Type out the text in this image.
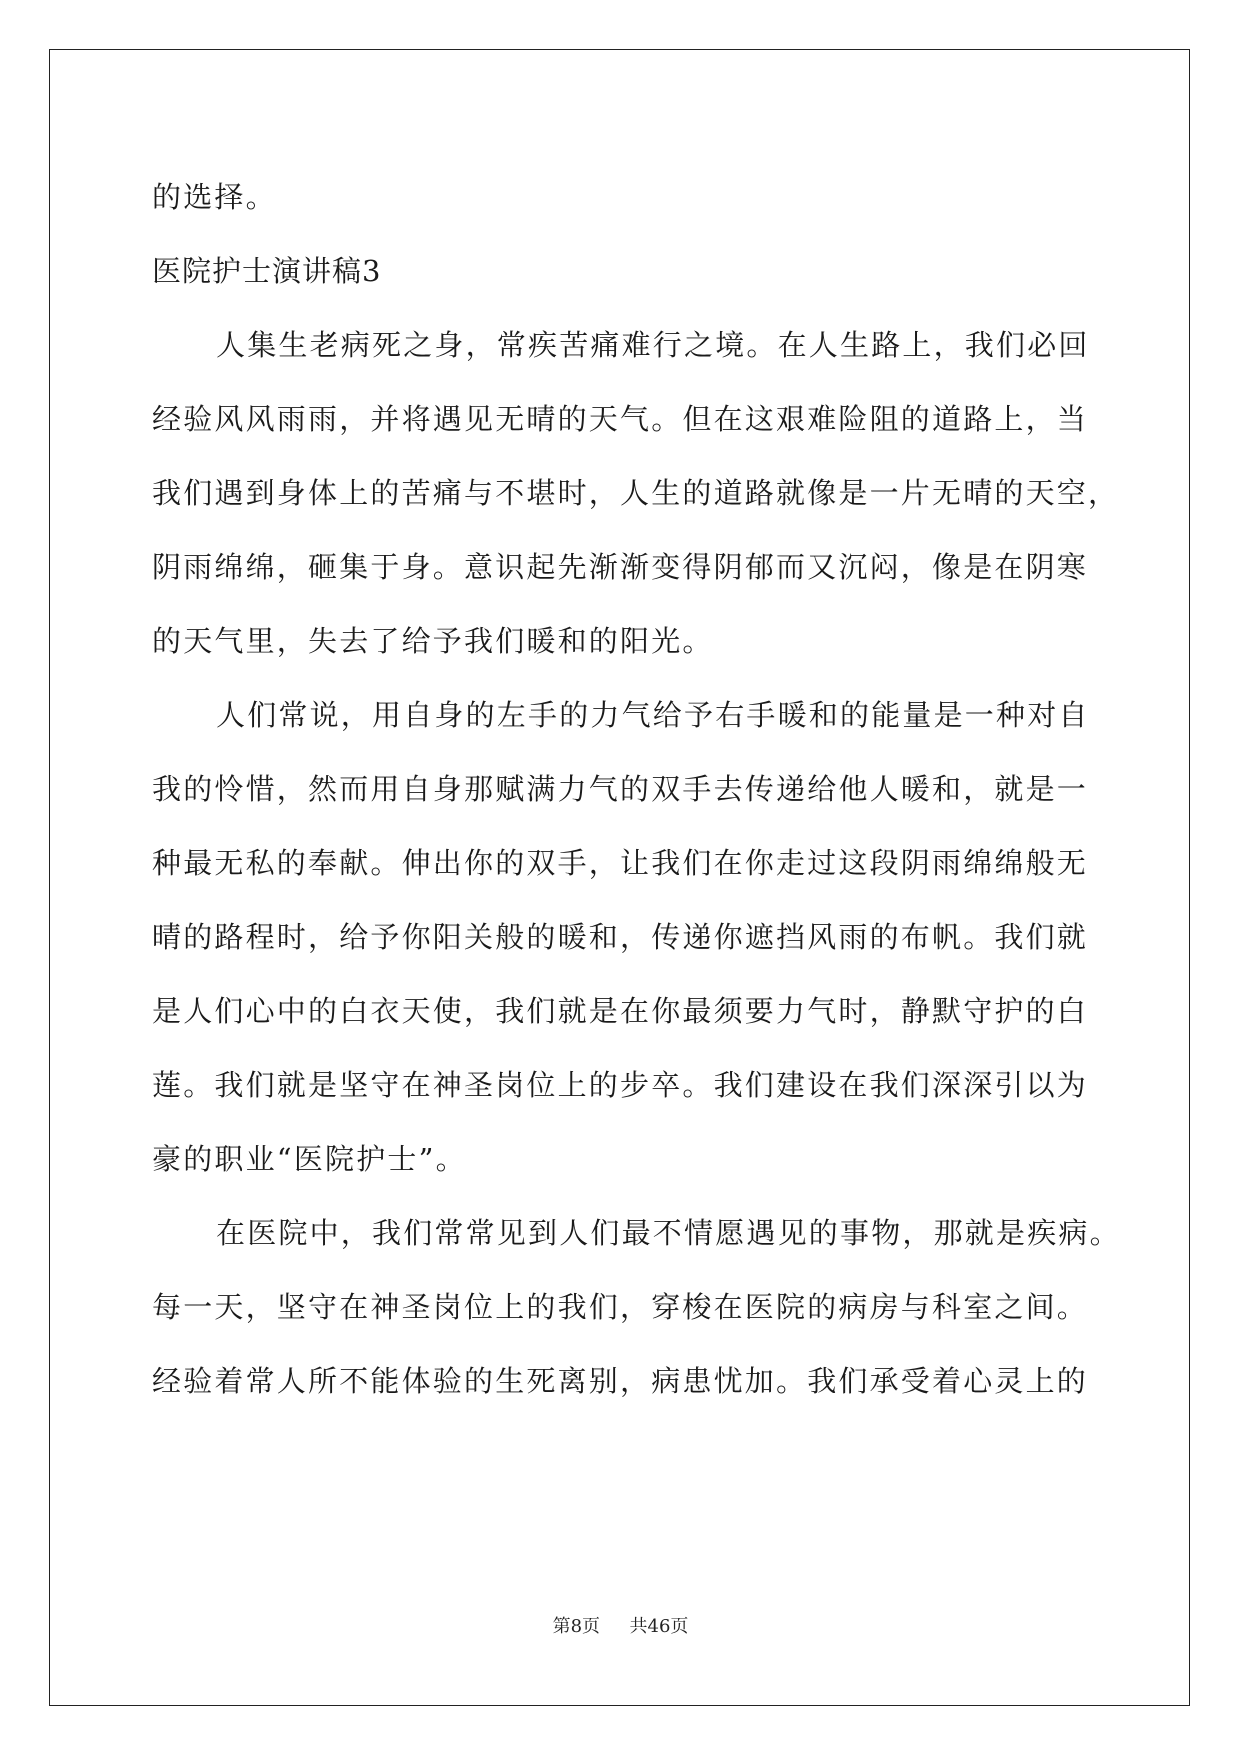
的选择。
医院护士演讲稿3
人集生老病死之身，常疾苦痛难行之境。在人生路上，我们必回
经验风风雨雨，并将遇见无晴的天气。但在这艰难险阻的道路上，当
我们遇到身体上的苦痛与不堪时，人生的道路就像是一片无晴的天空，
阴雨绵绵，砸集于身。意识起先渐渐变得阴郁而又沉闷，像是在阴寒
的天气里，失去了给予我们暖和的阳光。
人们常说，用自身的左手的力气给予右手暖和的能量是一种对自
我的怜惜，然而用自身那赋满力气的双手去传递给他人暖和，就是一
种最无私的奉献。伸出你的双手，让我们在你走过这段阴雨绵绵般无
晴的路程时，给予你阳关般的暖和，传递你遮挡风雨的布帆。我们就
是人们心中的白衣天使，我们就是在你最须要力气时，静默守护的白
莲。我们就是坚守在神圣岗位上的步卒。我们建设在我们深深引以为
豪的职业“医院护士”。
在医院中，我们常常见到人们最不情愿遇见的事物，那就是疾病。
每一天，坚守在神圣岗位上的我们，穿梭在医院的病房与科室之间。
经验着常人所不能体验的生死离别，病患忧加。我们承受着心灵上的
第8页 共46页
